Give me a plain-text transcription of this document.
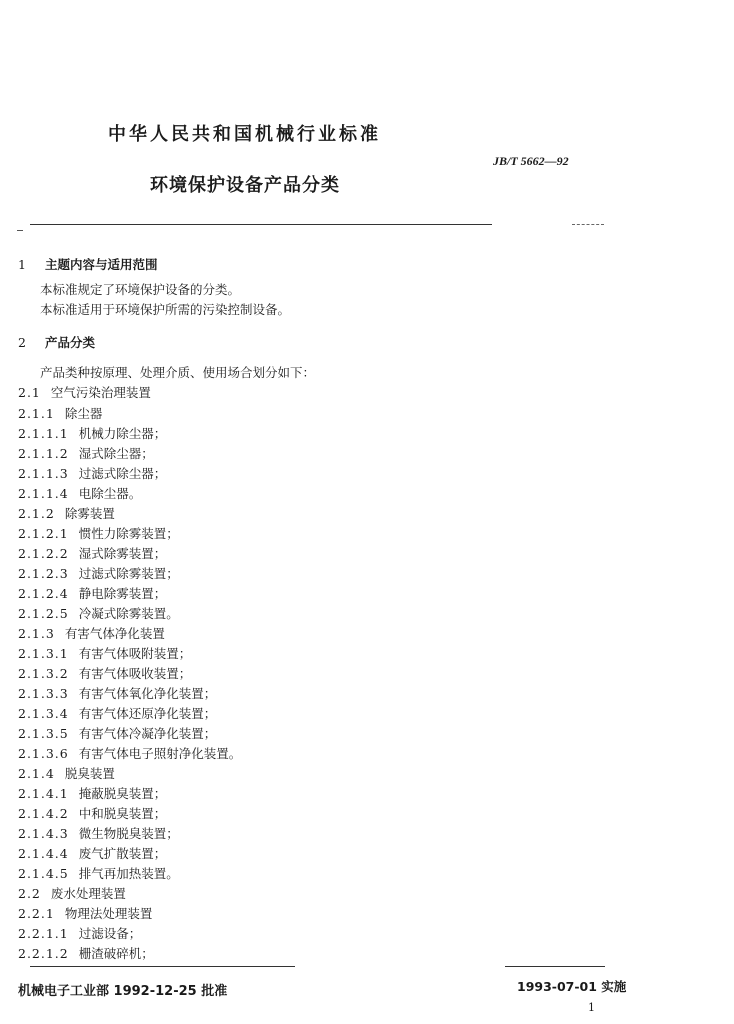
中华人民共和国机械行业标准
JB/T 5662—92
环境保护设备产品分类
1 主题内容与适用范围
本标准规定了环境保护设备的分类。
本标准适用于环境保护所需的污染控制设备。
2 产品分类
产品类种按原理、处理介质、使用场合划分如下：
2.1 空气污染治理装置
2.1.1 除尘器
2.1.1.1 机械力除尘器；
2.1.1.2 湿式除尘器；
2.1.1.3 过滤式除尘器；
2.1.1.4 电除尘器。
2.1.2 除雾装置
2.1.2.1 惯性力除雾装置；
2.1.2.2 湿式除雾装置；
2.1.2.3 过滤式除雾装置；
2.1.2.4 静电除雾装置；
2.1.2.5 冷凝式除雾装置。
2.1.3 有害气体净化装置
2.1.3.1 有害气体吸附装置；
2.1.3.2 有害气体吸收装置；
2.1.3.3 有害气体氧化净化装置；
2.1.3.4 有害气体还原净化装置；
2.1.3.5 有害气体冷凝净化装置；
2.1.3.6 有害气体电子照射净化装置。
2.1.4 脱臭装置
2.1.4.1 掩蔽脱臭装置；
2.1.4.2 中和脱臭装置；
2.1.4.3 微生物脱臭装置；
2.1.4.4 废气扩散装置；
2.1.4.5 排气再加热装置。
2.2 废水处理装置
2.2.1 物理法处理装置
2.2.1.1 过滤设备；
2.2.1.2 栅渣破碎机；
机械电子工业部 1992-12-25 批准	1993-07-01 实施
1
